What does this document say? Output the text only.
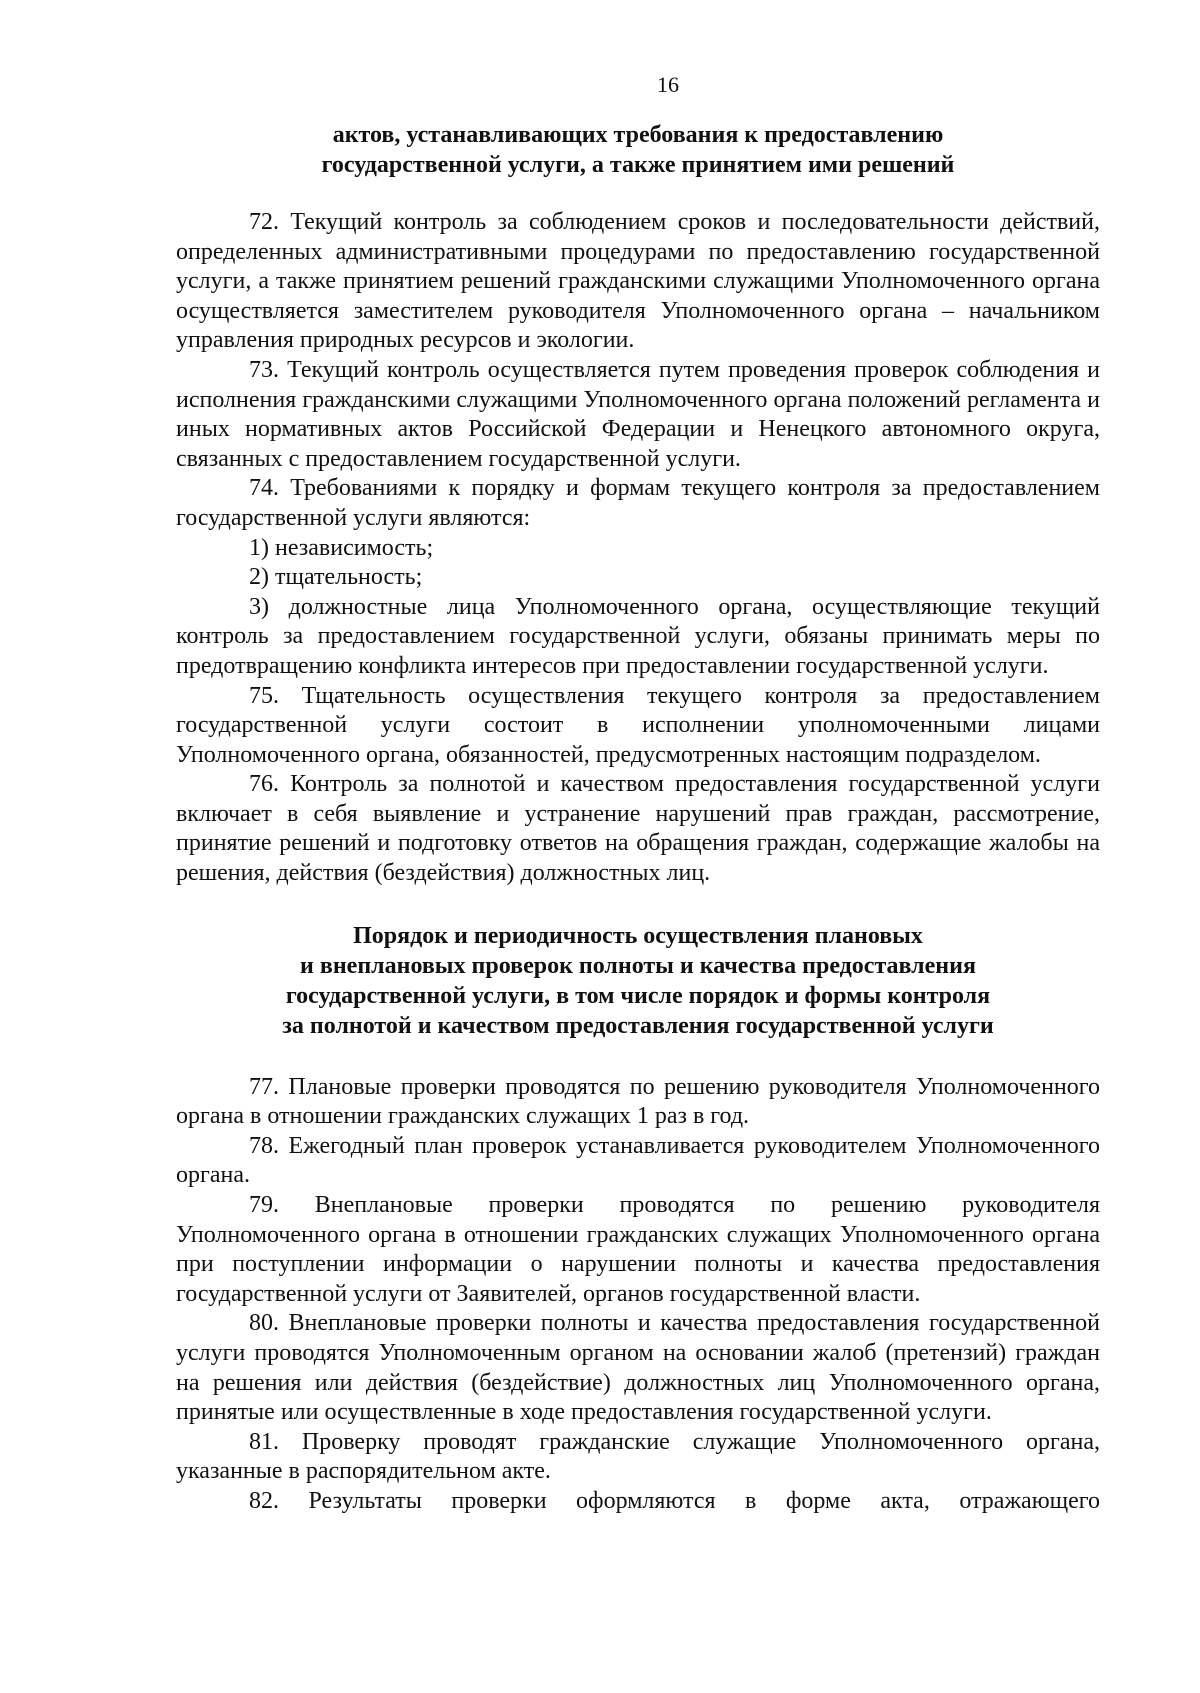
16
актов, устанавливающих требования к предоставлению
государственной услуги, а также принятием ими решений

72. Текущий контроль за соблюдением сроков и последовательности действий, определенных административными процедурами по предоставлению государственной услуги, а также принятием решений гражданскими служащими Уполномоченного органа осуществляется заместителем руководителя Уполномоченного органа – начальником управления природных ресурсов и экологии.

73. Текущий контроль осуществляется путем проведения проверок соблюдения и исполнения гражданскими служащими Уполномоченного органа положений регламента и иных нормативных актов Российской Федерации и Ненецкого автономного округа, связанных с предоставлением государственной услуги.

74. Требованиями к порядку и формам текущего контроля за предоставлением государственной услуги являются:

1) независимость;

2) тщательность;

3) должностные лица Уполномоченного органа, осуществляющие текущий контроль за предоставлением государственной услуги, обязаны принимать меры по предотвращению конфликта интересов при предоставлении государственной услуги.

75. Тщательность осуществления текущего контроля за предоставлением государственной услуги состоит в исполнении уполномоченными лицами Уполномоченного органа, обязанностей, предусмотренных настоящим подразделом.

76. Контроль за полнотой и качеством предоставления государственной услуги включает в себя выявление и устранение нарушений прав граждан, рассмотрение, принятие решений и подготовку ответов на обращения граждан, содержащие жалобы на решения, действия (бездействия) должностных лиц.

Порядок и периодичность осуществления плановых
и внеплановых проверок полноты и качества предоставления
государственной услуги, в том числе порядок и формы контроля
за полнотой и качеством предоставления государственной услуги

77. Плановые проверки проводятся по решению руководителя Уполномоченного органа в отношении гражданских служащих 1 раз в год.

78. Ежегодный план проверок устанавливается руководителем Уполномоченного органа.

79. Внеплановые проверки проводятся по решению руководителя Уполномоченного органа в отношении гражданских служащих Уполномоченного органа при поступлении информации о нарушении полноты и качества предоставления государственной услуги от Заявителей, органов государственной власти.

80. Внеплановые проверки полноты и качества предоставления государственной услуги проводятся Уполномоченным органом на основании жалоб (претензий) граждан на решения или действия (бездействие) должностных лиц Уполномоченного органа, принятые или осуществленные в ходе предоставления государственной услуги.

81. Проверку проводят гражданские служащие Уполномоченного органа, указанные в распорядительном акте.

82. Результаты проверки оформляются в форме акта, отражающего
